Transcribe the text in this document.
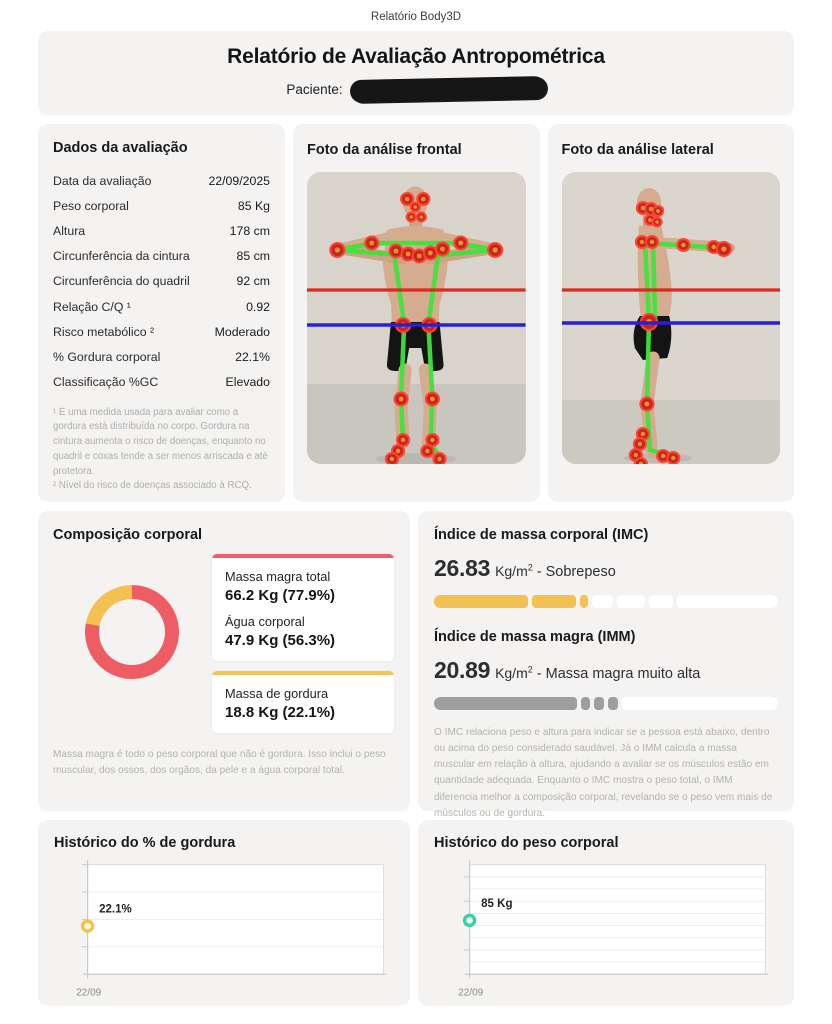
Relatório Body3D
Relatório de Avaliação Antropométrica
Paciente:
Dados da avaliação
Data da avaliação	22/09/2025
Peso corporal	85 Kg
Altura	178 cm
Circunferência da cintura	85 cm
Circunferência do quadril	92 cm
Relação C/Q ¹	0.92
Risco metabólico ²	Moderado
% Gordura corporal	22.1%
Classificação %GC	Elevado
¹ É uma medida usada para avaliar como a gordura está distribuída no corpo. Gordura na cintura aumenta o risco de doenças, enquanto no quadril e coxas tende a ser menos arriscada e até protetora.
² Nível do risco de doenças associado à RCQ.
Foto da análise frontal	Foto da análise lateral
Composição corporal
Massa magra total
66.2 Kg (77.9%)
Água corporal
47.9 Kg (56.3%)
Massa de gordura
18.8 Kg (22.1%)
Massa magra é todo o peso corporal que não é gordura. Isso inclui o peso muscular, dos ossos, dos orgãos, da pele e a água corporal total.
Índice de massa corporal (IMC)
26.83 $Kg/m^2$ - Sobrepeso
Índice de massa magra (IMM)
20.89 $Kg/m^2$ - Massa magra muito alta
O IMC relaciona peso e altura para indicar se a pessoa está abaixo, dentro ou acima do peso considerado saudável. Já o IMM calcula a massa muscular em relação à altura, ajudando a avaliar se os músculos estão em quantidade adequada. Enquanto o IMC mostra o peso total, o IMM diferencia melhor a composição corporal, revelando se o peso vem mais de músculos ou de gordura.
Histórico do % de gordura
22.1%
22/09
Histórico do peso corporal
85 Kg
22/09
